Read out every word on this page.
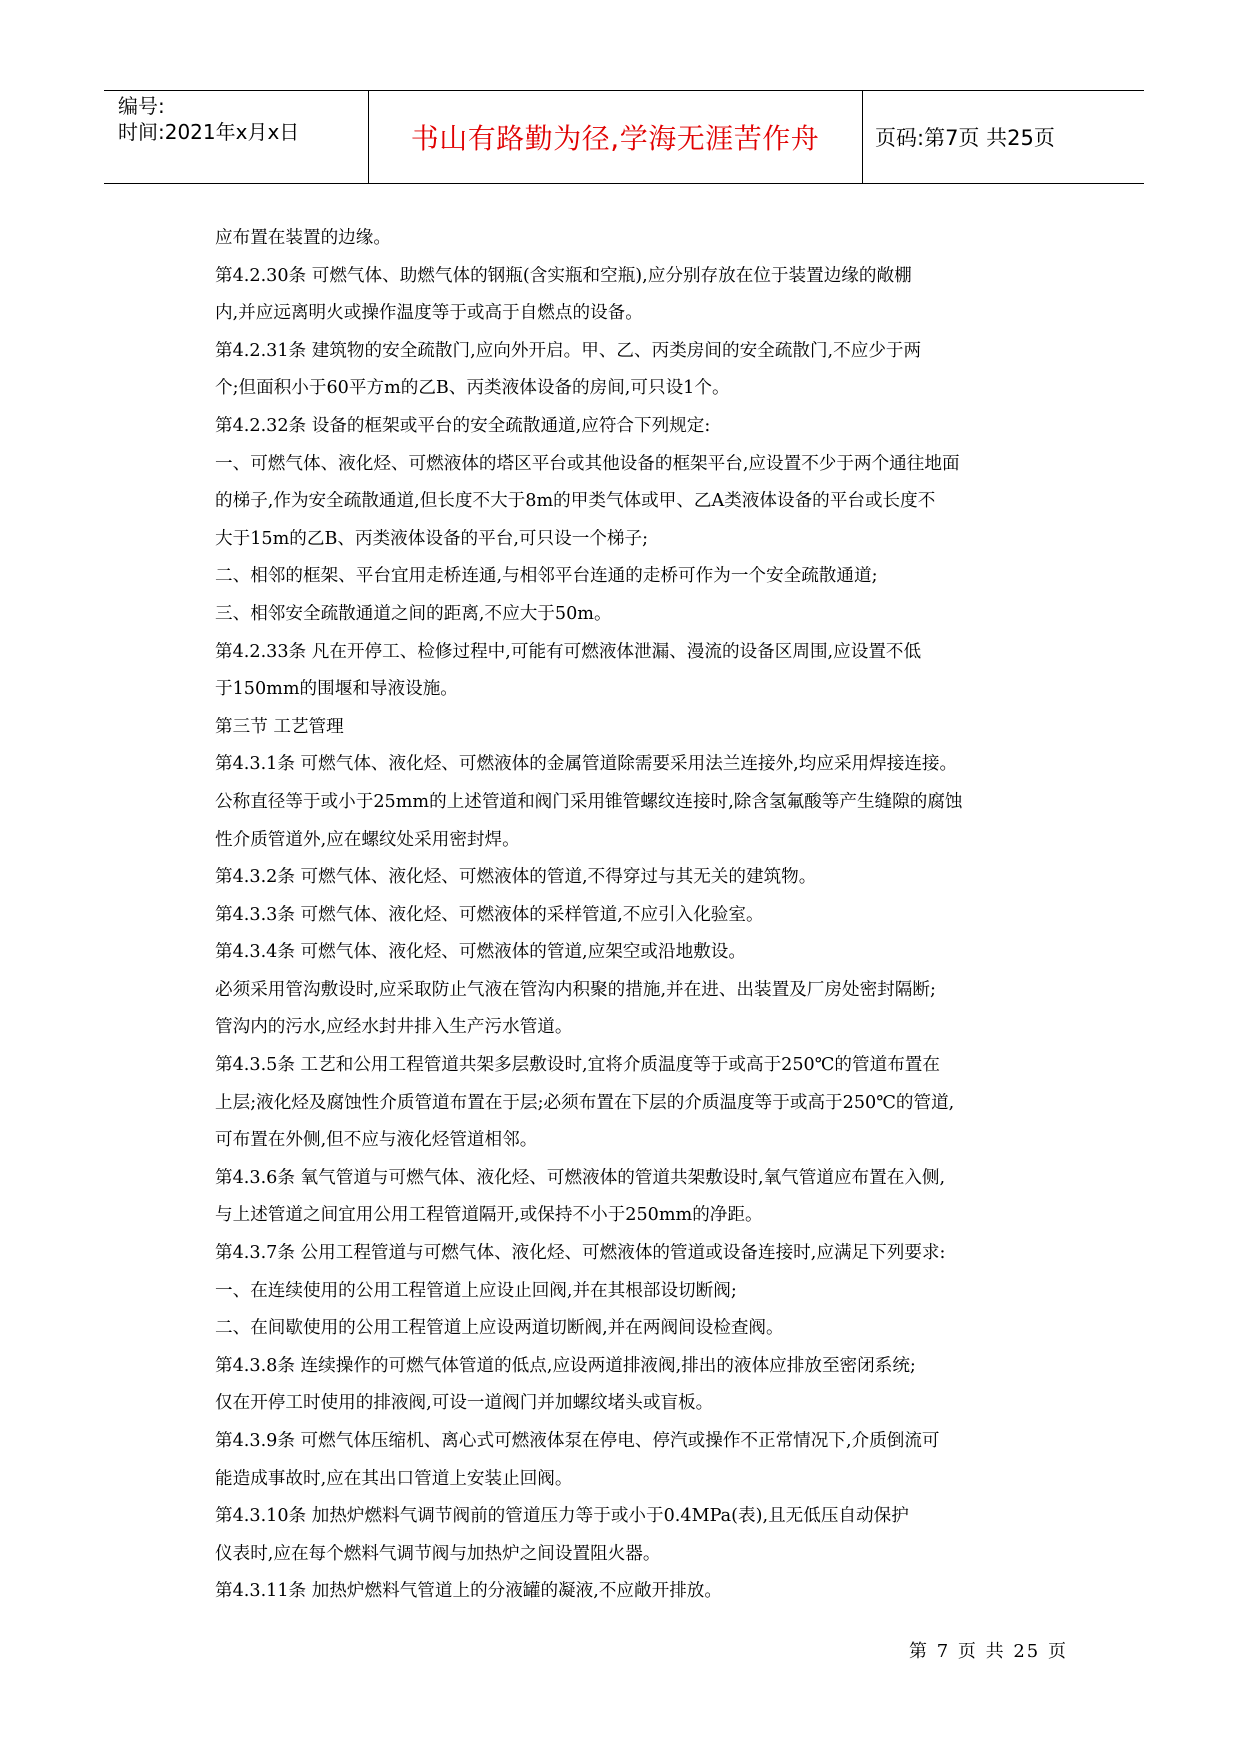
编号:
时间:2021年x月x日	书山有路勤为径,学海无涯苦作舟	页码:第7页 共25页
应布置在装置的边缘。
第4.2.30条 可燃气体、助燃气体的钢瓶(含实瓶和空瓶),应分别存放在位于装置边缘的敞棚
内,并应远离明火或操作温度等于或高于自燃点的设备。
第4.2.31条 建筑物的安全疏散门,应向外开启。甲、乙、丙类房间的安全疏散门,不应少于两
个;但面积小于60平方m的乙B、丙类液体设备的房间,可只设1个。
第4.2.32条 设备的框架或平台的安全疏散通道,应符合下列规定:
一、可燃气体、液化烃、可燃液体的塔区平台或其他设备的框架平台,应设置不少于两个通往地面
的梯子,作为安全疏散通道,但长度不大于8m的甲类气体或甲、乙A类液体设备的平台或长度不
大于15m的乙B、丙类液体设备的平台,可只设一个梯子;
二、相邻的框架、平台宜用走桥连通,与相邻平台连通的走桥可作为一个安全疏散通道;
三、相邻安全疏散通道之间的距离,不应大于50m。
第4.2.33条 凡在开停工、检修过程中,可能有可燃液体泄漏、漫流的设备区周围,应设置不低
于150mm的围堰和导液设施。
第三节 工艺管理
第4.3.1条 可燃气体、液化烃、可燃液体的金属管道除需要采用法兰连接外,均应采用焊接连接。
公称直径等于或小于25mm的上述管道和阀门采用锥管螺纹连接时,除含氢氟酸等产生缝隙的腐蚀
性介质管道外,应在螺纹处采用密封焊。
第4.3.2条 可燃气体、液化烃、可燃液体的管道,不得穿过与其无关的建筑物。
第4.3.3条 可燃气体、液化烃、可燃液体的采样管道,不应引入化验室。
第4.3.4条 可燃气体、液化烃、可燃液体的管道,应架空或沿地敷设。
必须采用管沟敷设时,应采取防止气液在管沟内积聚的措施,并在进、出装置及厂房处密封隔断;
管沟内的污水,应经水封井排入生产污水管道。
第4.3.5条 工艺和公用工程管道共架多层敷设时,宜将介质温度等于或高于250℃的管道布置在
上层;液化烃及腐蚀性介质管道布置在于层;必须布置在下层的介质温度等于或高于250℃的管道,
可布置在外侧,但不应与液化烃管道相邻。
第4.3.6条 氧气管道与可燃气体、液化烃、可燃液体的管道共架敷设时,氧气管道应布置在入侧,
与上述管道之间宜用公用工程管道隔开,或保持不小于250mm的净距。
第4.3.7条 公用工程管道与可燃气体、液化烃、可燃液体的管道或设备连接时,应满足下列要求:
一、在连续使用的公用工程管道上应设止回阀,并在其根部设切断阀;
二、在间歇使用的公用工程管道上应设两道切断阀,并在两阀间设检查阀。
第4.3.8条 连续操作的可燃气体管道的低点,应设两道排液阀,排出的液体应排放至密闭系统;
仅在开停工时使用的排液阀,可设一道阀门并加螺纹堵头或盲板。
第4.3.9条 可燃气体压缩机、离心式可燃液体泵在停电、停汽或操作不正常情况下,介质倒流可
能造成事故时,应在其出口管道上安装止回阀。
第4.3.10条 加热炉燃料气调节阀前的管道压力等于或小于0.4MPa(表),且无低压自动保护
仪表时,应在每个燃料气调节阀与加热炉之间设置阻火器。
第4.3.11条 加热炉燃料气管道上的分液罐的凝液,不应敞开排放。
第 7 页 共 25 页
